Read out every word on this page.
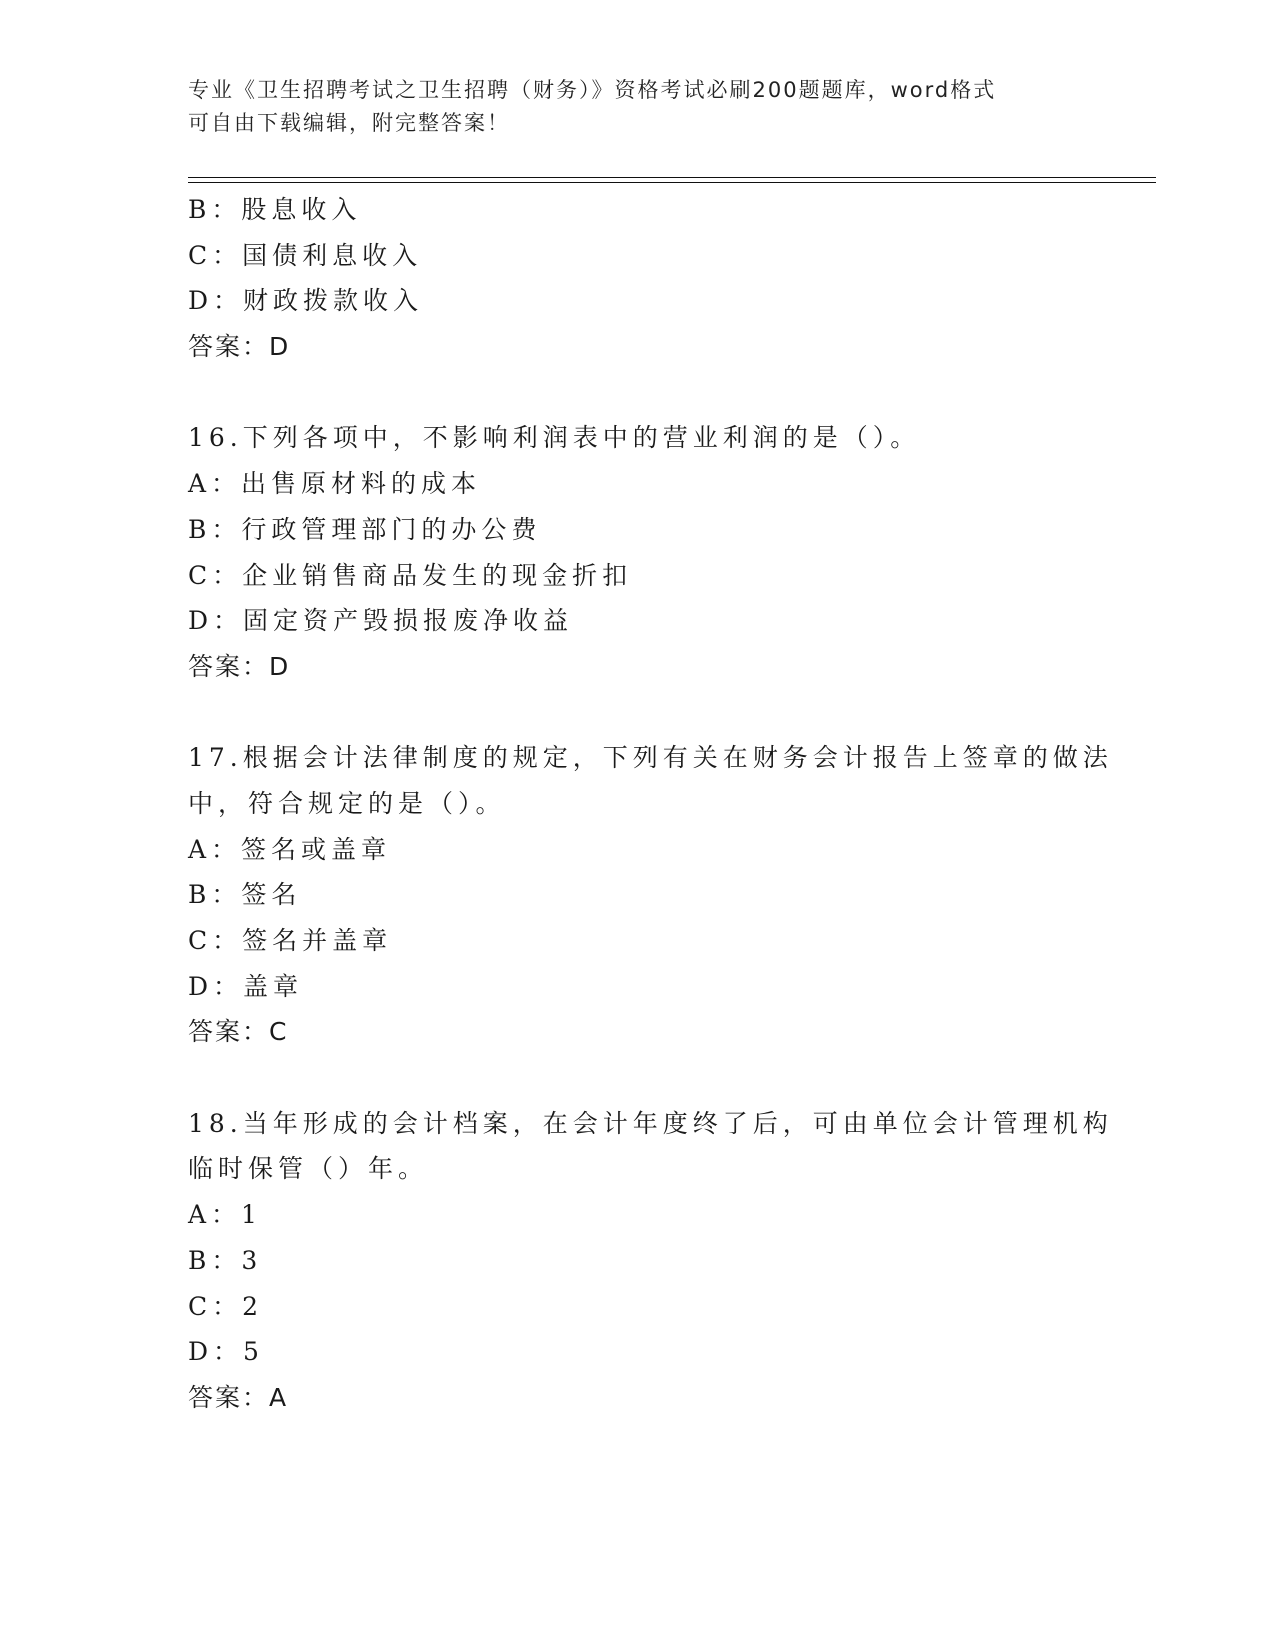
专业《卫生招聘考试之卫生招聘（财务）》资格考试必刷200题题库，word格式
可自由下载编辑，附完整答案！
B：股息收入
C：国债利息收入
D：财政拨款收入
答案：D
16.下列各项中，不影响利润表中的营业利润的是（）。
A：出售原材料的成本
B：行政管理部门的办公费
C：企业销售商品发生的现金折扣
D：固定资产毁损报废净收益
答案：D
17.根据会计法律制度的规定，下列有关在财务会计报告上签章的做法
中，符合规定的是（）。
A：签名或盖章
B：签名
C：签名并盖章
D：盖章
答案：C
18.当年形成的会计档案，在会计年度终了后，可由单位会计管理机构
临时保管（）年。
A：1
B：3
C：2
D：5
答案：A
